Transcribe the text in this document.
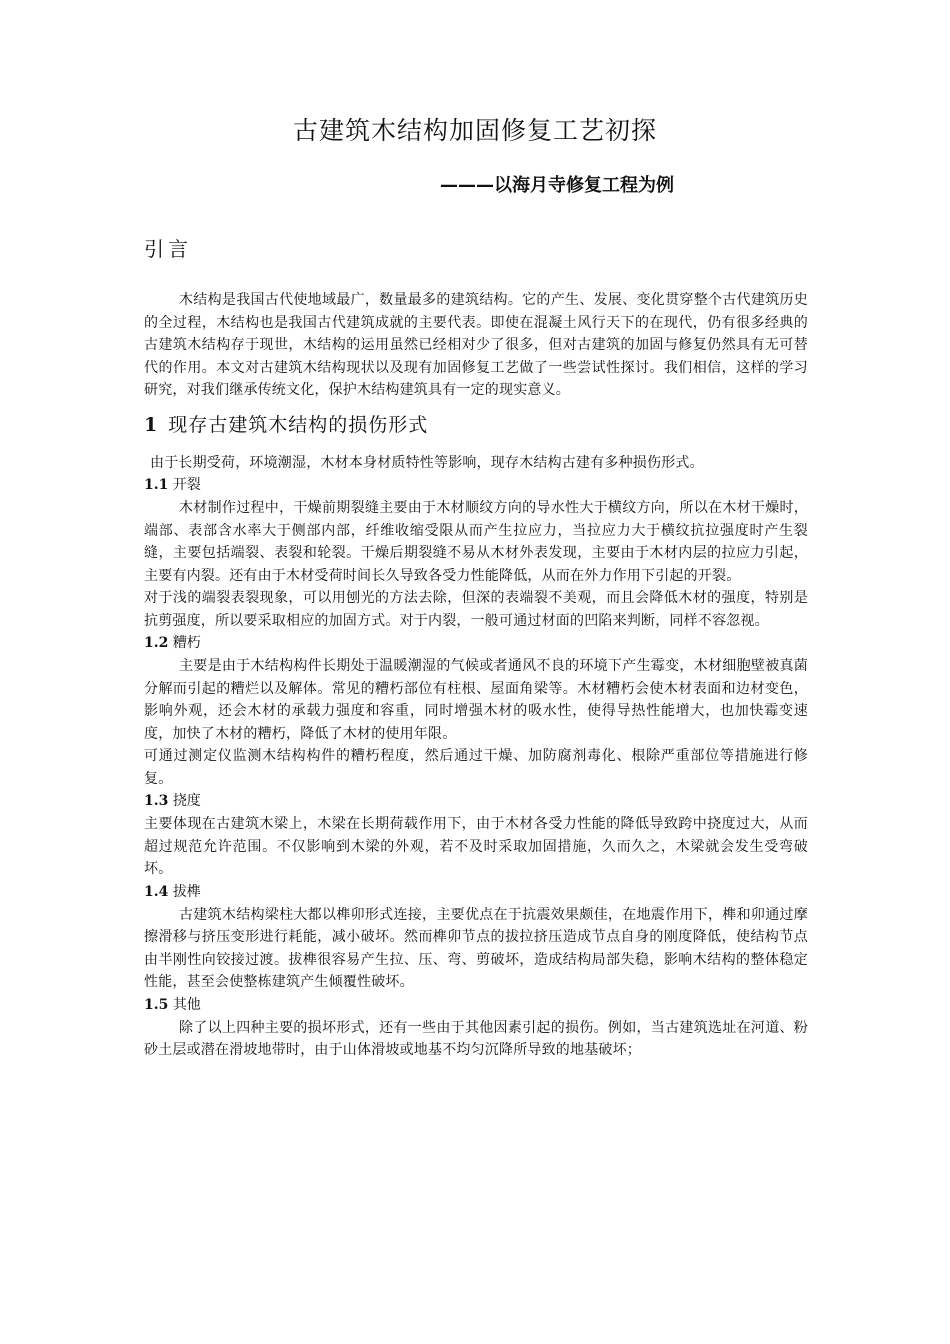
古建筑木结构加固修复工艺初探
———以海月寺修复工程为例
引言

木结构是我国古代使地域最广，数量最多的建筑结构。它的产生、发展、变化贯穿整个古代建筑历史的全过程，木结构也是我国古代建筑成就的主要代表。即使在混凝土风行天下的在现代，仍有很多经典的古建筑木结构存于现世，木结构的运用虽然已经相对少了很多，但对古建筑的加固与修复仍然具有无可替代的作用。本文对古建筑木结构现状以及现有加固修复工艺做了一些尝试性探讨。我们相信，这样的学习研究，对我们继承传统文化，保护木结构建筑具有一定的现实意义。

1 现存古建筑木结构的损伤形式

由于长期受荷，环境潮湿，木材本身材质特性等影响，现存木结构古建有多种损伤形式。

1.1 开裂

木材制作过程中，干燥前期裂缝主要由于木材顺纹方向的导水性大于横纹方向，所以在木材干燥时，端部、表部含水率大于侧部内部，纤维收缩受限从而产生拉应力，当拉应力大于横纹抗拉强度时产生裂缝，主要包括端裂、表裂和轮裂。干燥后期裂缝不易从木材外表发现，主要由于木材内层的拉应力引起，主要有内裂。还有由于木材受荷时间长久导致各受力性能降低，从而在外力作用下引起的开裂。

对于浅的端裂表裂现象，可以用刨光的方法去除，但深的表端裂不美观，而且会降低木材的强度，特别是抗剪强度，所以要采取相应的加固方式。对于内裂，一般可通过材面的凹陷来判断，同样不容忽视。

1.2 糟朽

主要是由于木结构构件长期处于温暖潮湿的气候或者通风不良的环境下产生霉变，木材细胞壁被真菌分解而引起的糟烂以及解体。常见的糟朽部位有柱根、屋面角梁等。木材糟朽会使木材表面和边材变色，影响外观，还会木材的承载力强度和容重，同时增强木材的吸水性，使得导热性能增大，也加快霉变速度，加快了木材的糟朽，降低了木材的使用年限。

可通过测定仪监测木结构构件的糟朽程度，然后通过干燥、加防腐剂毒化、根除严重部位等措施进行修复。

1.3 挠度

主要体现在古建筑木梁上，木梁在长期荷载作用下，由于木材各受力性能的降低导致跨中挠度过大，从而超过规范允许范围。不仅影响到木梁的外观，若不及时采取加固措施，久而久之，木梁就会发生受弯破坏。

1.4 拔榫

古建筑木结构梁柱大都以榫卯形式连接，主要优点在于抗震效果颇佳，在地震作用下，榫和卯通过摩擦滑移与挤压变形进行耗能，减小破坏。然而榫卯节点的拔拉挤压造成节点自身的刚度降低，使结构节点由半刚性向铰接过渡。拔榫很容易产生拉、压、弯、剪破坏，造成结构局部失稳，影响木结构的整体稳定性能，甚至会使整栋建筑产生倾覆性破坏。

1.5 其他

除了以上四种主要的损坏形式，还有一些由于其他因素引起的损伤。例如，当古建筑选址在河道、粉砂土层或潜在滑坡地带时，由于山体滑坡或地基不均匀沉降所导致的地基破坏；
